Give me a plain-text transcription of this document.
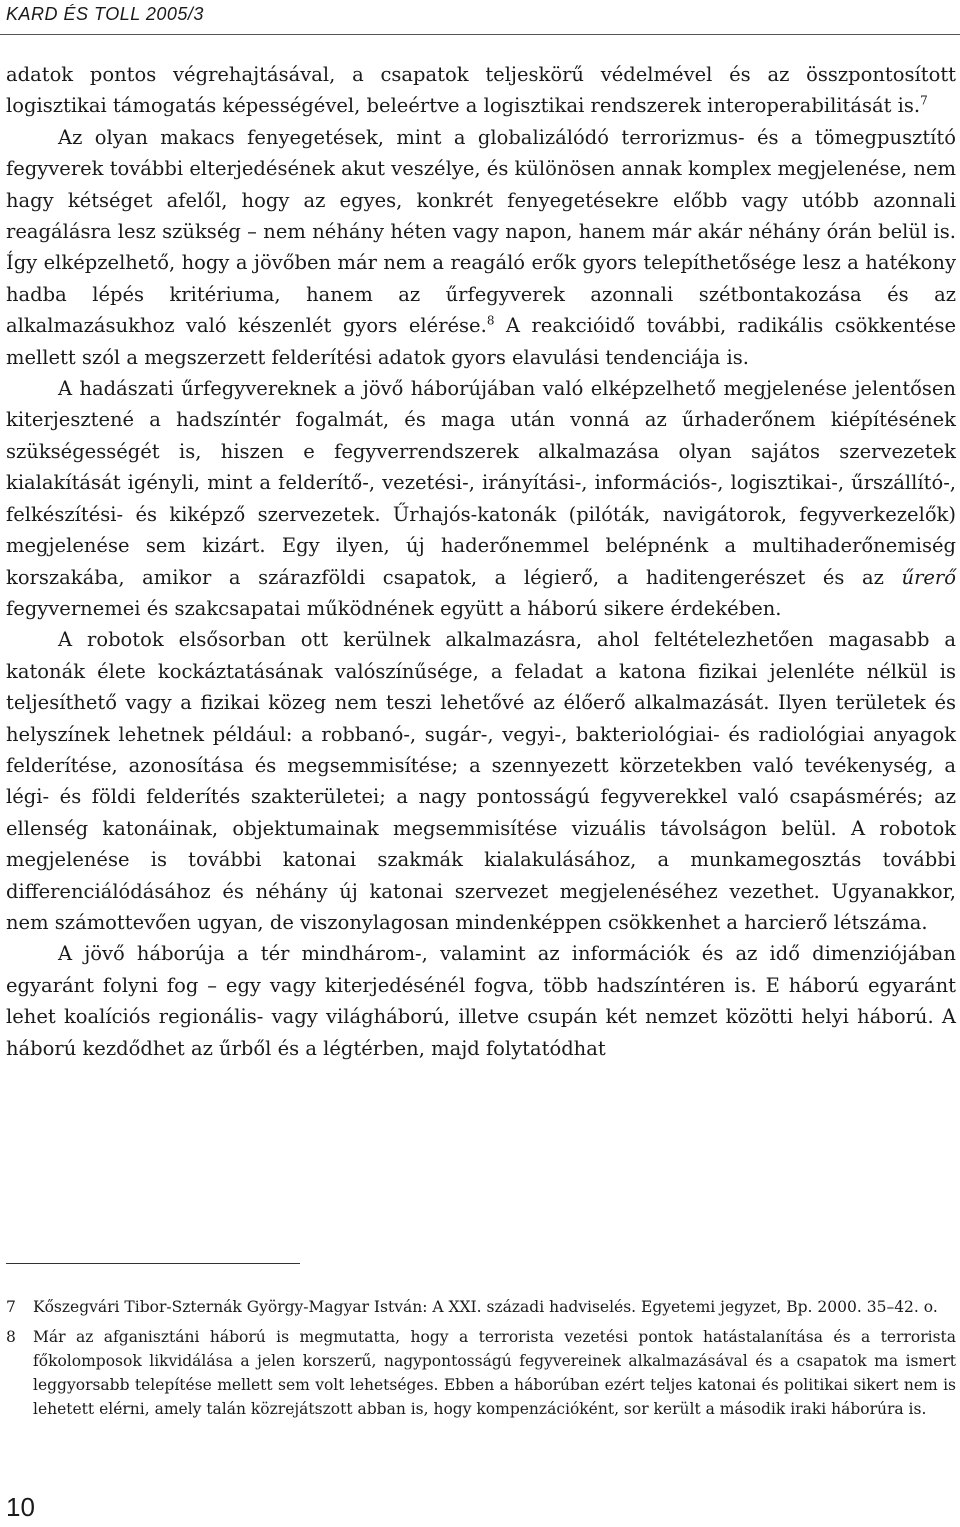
KARD ÉS TOLL 2005/3

adatok pontos végrehajtásával, a csapatok teljeskörű védelmével és az összpontosított logisztikai támogatás képességével, beleértve a logisztikai rendszerek interoperabilitását is.$^7$

Az olyan makacs fenyegetések, mint a globalizálódó terrorizmus- és a tömegpusztító fegyverek további elterjedésének akut veszélye, és különösen annak komplex megjelenése, nem hagy kétséget afelől, hogy az egyes, konkrét fenyegetésekre előbb vagy utóbb azonnali reagálásra lesz szükség – nem néhány héten vagy napon, hanem már akár néhány órán belül is. Így elképzelhető, hogy a jövőben már nem a reagáló erők gyors telepíthetősége lesz a hatékony hadba lépés kritériuma, hanem az űrfegyverek azonnali szétbontakozása és az alkalmazásukhoz való készenlét gyors elérése.$^8$ A reakcióidő további, radikális csökkentése mellett szól a megszerzett felderítési adatok gyors elavulási tendenciája is.

A hadászati űrfegyvereknek a jövő háborújában való elképzelhető megjelenése jelentősen kiterjesztené a hadszíntér fogalmát, és maga után vonná az űrhaderőnem kiépítésének szükségességét is, hiszen e fegyverrendszerek alkalmazása olyan sajátos szervezetek kialakítását igényli, mint a felderítő-, vezetési-, irányítási-, információs-, logisztikai-, űrszállító-, felkészítési- és kiképző szervezetek. Űrhajós-katonák (pilóták, navigátorok, fegyverkezelők) megjelenése sem kizárt. Egy ilyen, új haderőnemmel belépnénk a multihaderőnemiség korszakába, amikor a szárazföldi csapatok, a légierő, a haditengerészet és az űrerő fegyvernemei és szakcsapatai működnének együtt a háború sikere érdekében.

A robotok elsősorban ott kerülnek alkalmazásra, ahol feltételezhetően magasabb a katonák élete kockáztatásának valószínűsége, a feladat a katona fizikai jelenléte nélkül is teljesíthető vagy a fizikai közeg nem teszi lehetővé az élőerő alkalmazását. Ilyen területek és helyszínek lehetnek például: a robbanó-, sugár-, vegyi-, bakteriológiai- és radiológiai anyagok felderítése, azonosítása és megsemmisítése; a szennyezett körzetekben való tevékenység, a légi- és földi felderítés szakterületei; a nagy pontosságú fegyverekkel való csapásmérés; az ellenség katonáinak, objektumainak megsemmisítése vizuális távolságon belül. A robotok megjelenése is további katonai szakmák kialakulásához, a munkamegosztás további differenciálódásához és néhány új katonai szervezet megjelenéséhez vezethet. Ugyanakkor, nem számottevően ugyan, de viszonylagosan mindenképpen csökkenhet a harcierő létszáma.

A jövő háborúja a tér mindhárom-, valamint az információk és az idő dimenziójában egyaránt folyni fog – egy vagy kiterjedésénél fogva, több hadszíntéren is. E háború egyaránt lehet koalíciós regionális- vagy világháború, illetve csupán két nemzet közötti helyi háború. A háború kezdődhet az űrből és a légtérben, majd folytatódhat

7 Kőszegvári Tibor-Szternák György-Magyar István: A XXI. századi hadviselés. Egyetemi jegyzet, Bp. 2000. 35–42. o.
8 Már az afganisztáni háború is megmutatta, hogy a terrorista vezetési pontok hatástalanítása és a terrorista főkolomposok likvidálása a jelen korszerű, nagypontosságú fegyvereinek alkalmazásával és a csapatok ma ismert leggyorsabb telepítése mellett sem volt lehetséges. Ebben a háborúban ezért teljes katonai és politikai sikert nem is lehetett elérni, amely talán közrejátszott abban is, hogy kompenzációként, sor került a második iraki háborúra is.
10
